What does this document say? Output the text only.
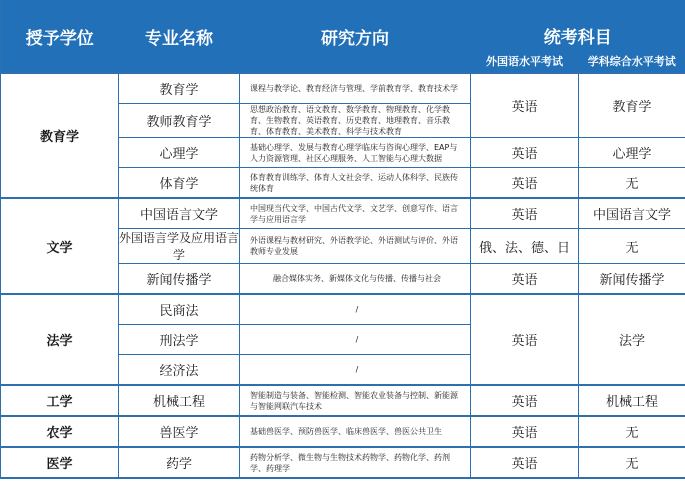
授予学位	专业名称	研究方向	统考科目	
			外国语水平考试	学科综合水平考试
教育学	教育学	课程与教学论、教育经济与管理、学前教育学、教育技术学	英语	教育学
	教师教育学	思想政治教育、语文教育、数学教育、物理教育、化学教育、生物教育、英语教育、历史教育、地理教育、音乐教育、体育教育、美术教育、科学与技术教育		
	心理学	基础心理学、发展与教育心理学临床与咨询心理学、EAP与人力资源管理、社区心理服务、人工智能与心理大数据	英语	心理学
	体育学	体育教育训练学、体育人文社会学、运动人体科学、民族传统体育	英语	无
文学	中国语言文学	中国现当代文学、中国古代文学、文艺学、创意写作、语言学与应用语言学	英语	中国语言文学
	外国语言学及应用语言学	外语课程与教材研究、外语教学论、外语测试与评价、外语教师专业发展	俄、法、德、日	无
	新闻传播学	融合媒体实务、新媒体文化与传播、传播与社会	英语	新闻传播学
法学	民商法	/	英语	法学
	刑法学	/		
	经济法	/		
工学	机械工程	智能制造与装备、智能检测、智能农业装备与控制、新能源与智能网联汽车技术	英语	机械工程
农学	兽医学	基础兽医学、预防兽医学、临床兽医学、兽医公共卫生	英语	无
医学	药学	药物分析学、微生物与生物技术药物学、药物化学、药剂学、药理学	英语	无
